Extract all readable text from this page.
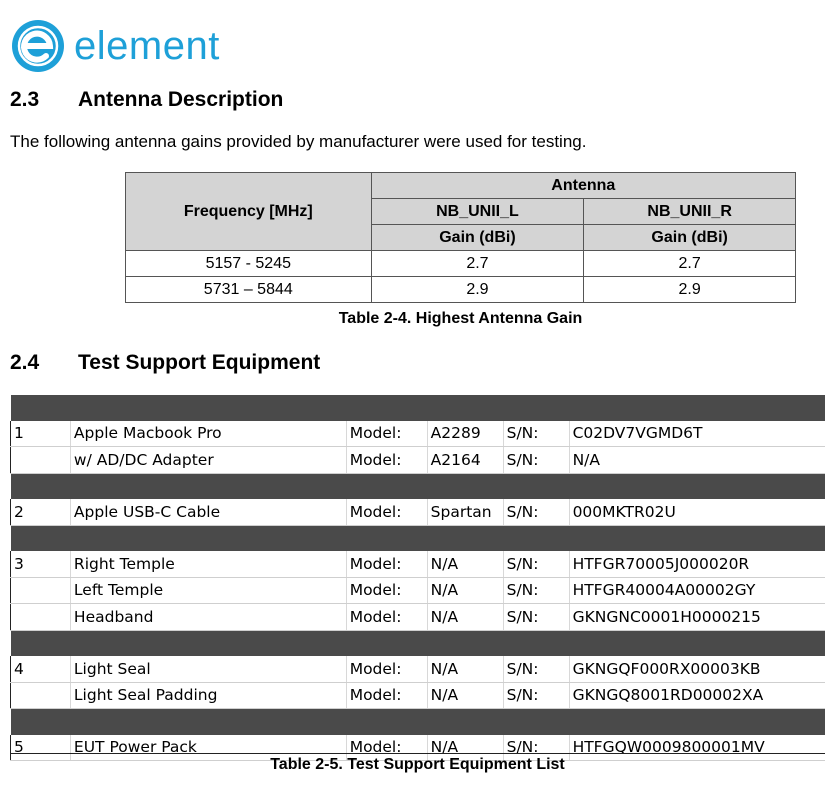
element
2.3 Antenna Description
The following antenna gains provided by manufacturer were used for testing.
Frequency [MHz]	Antenna	
	NB_UNII_L	NB_UNII_R
	Gain (dBi)	Gain (dBi)
5157 - 5245	2.7	2.7
5731 – 5844	2.9	2.9
Table 2-4. Highest Antenna Gain
2.4 Test Support Equipment

1	Apple Macbook Pro	Model:	A2289	S/N:	C02DV7VGMD6T
	w/ AD/DC Adapter	Model:	A2164	S/N:	N/A

2	Apple USB-C Cable	Model:	Spartan	S/N:	000MKTR02U

3	Right Temple	Model:	N/A	S/N:	HTFGR70005J000020R
	Left Temple	Model:	N/A	S/N:	HTFGR40004A00002GY
	Headband	Model:	N/A	S/N:	GKNGNC0001H0000215

4	Light Seal	Model:	N/A	S/N:	GKNGQF000RX00003KB
	Light Seal Padding	Model:	N/A	S/N:	GKNGQ8001RD00002XA

5	EUT Power Pack	Model:	N/A	S/N:	HTFGQW0009800001MV
Table 2-5. Test Support Equipment List
